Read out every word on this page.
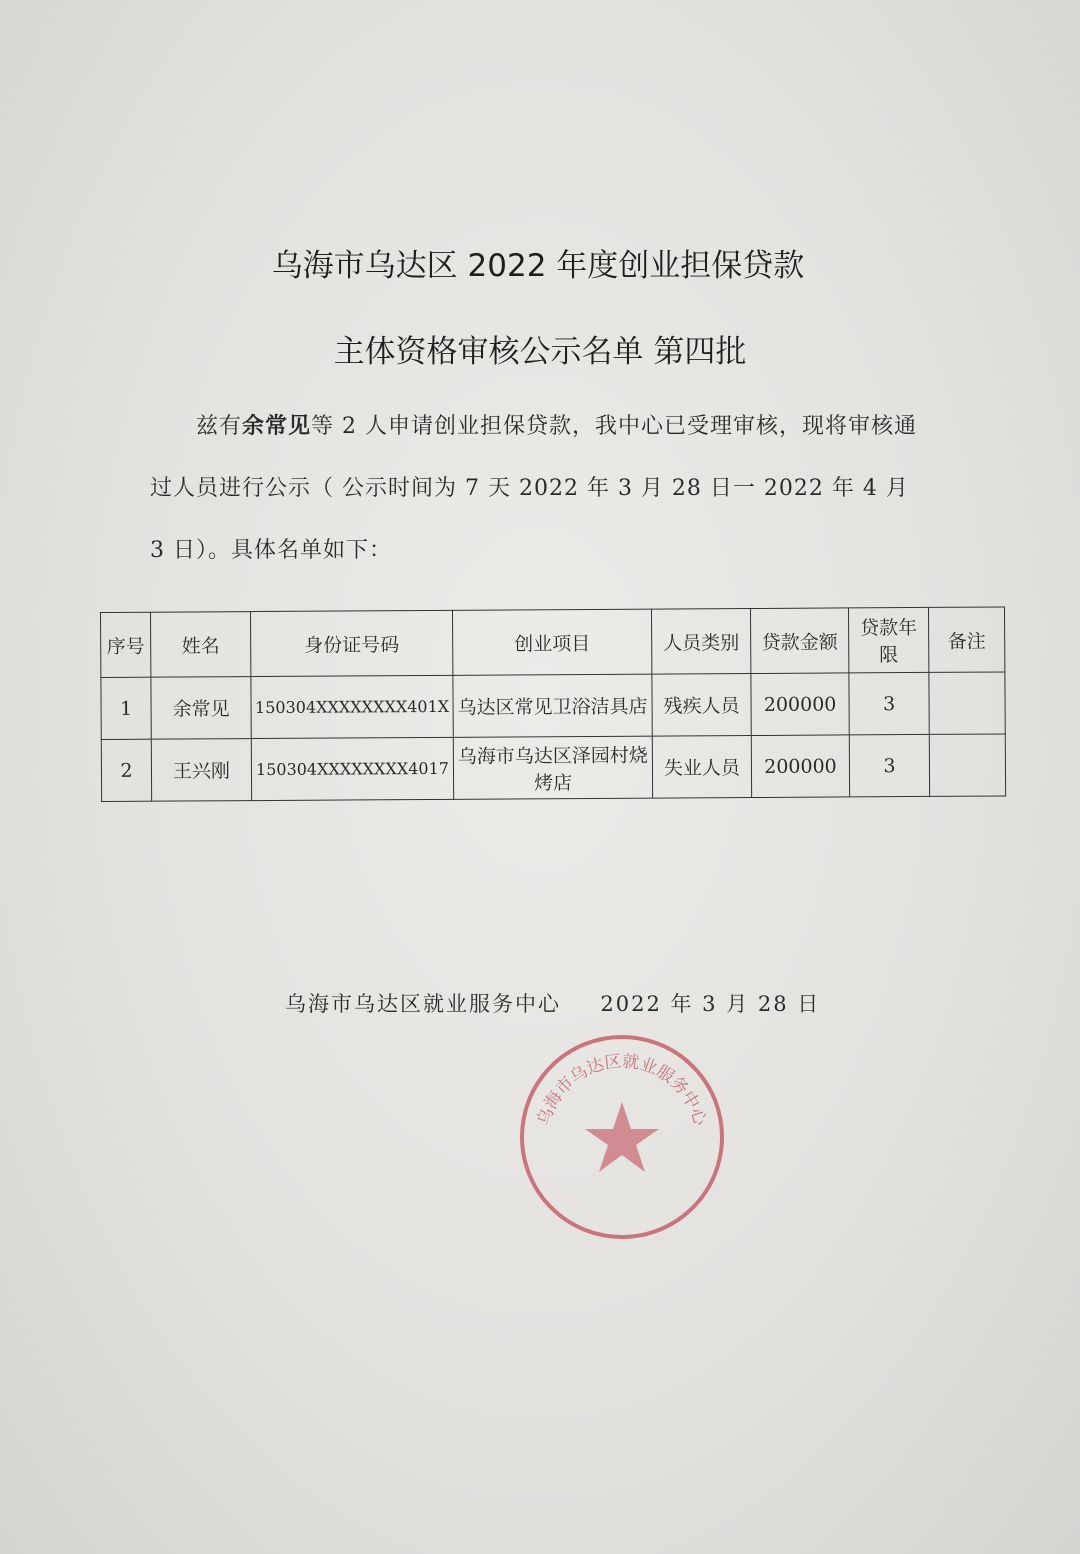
乌海市乌达区 2022 年度创业担保贷款
主体资格审核公示名单 第四批
兹有余常见等 2 人申请创业担保贷款，我中心已受理审核，现将审核通过人员进行公示（ 公示时间为 7 天 2022 年 3 月 28 日一 2022 年 4 月 3 日）。具体名单如下：
序号	姓名	身份证号码	创业项目	人员类别	贷款金额	贷款年限	备注
1	余常见	150304XXXXXXXX401X	乌达区常见卫浴洁具店	残疾人员	200000	3	
2	王兴刚	150304XXXXXXXX4017	乌海市乌达区泽园村烧烤店	失业人员	200000	3	
乌海市乌达区就业服务中心 2022 年 3 月 28 日
乌海市乌达区就业服务中心
